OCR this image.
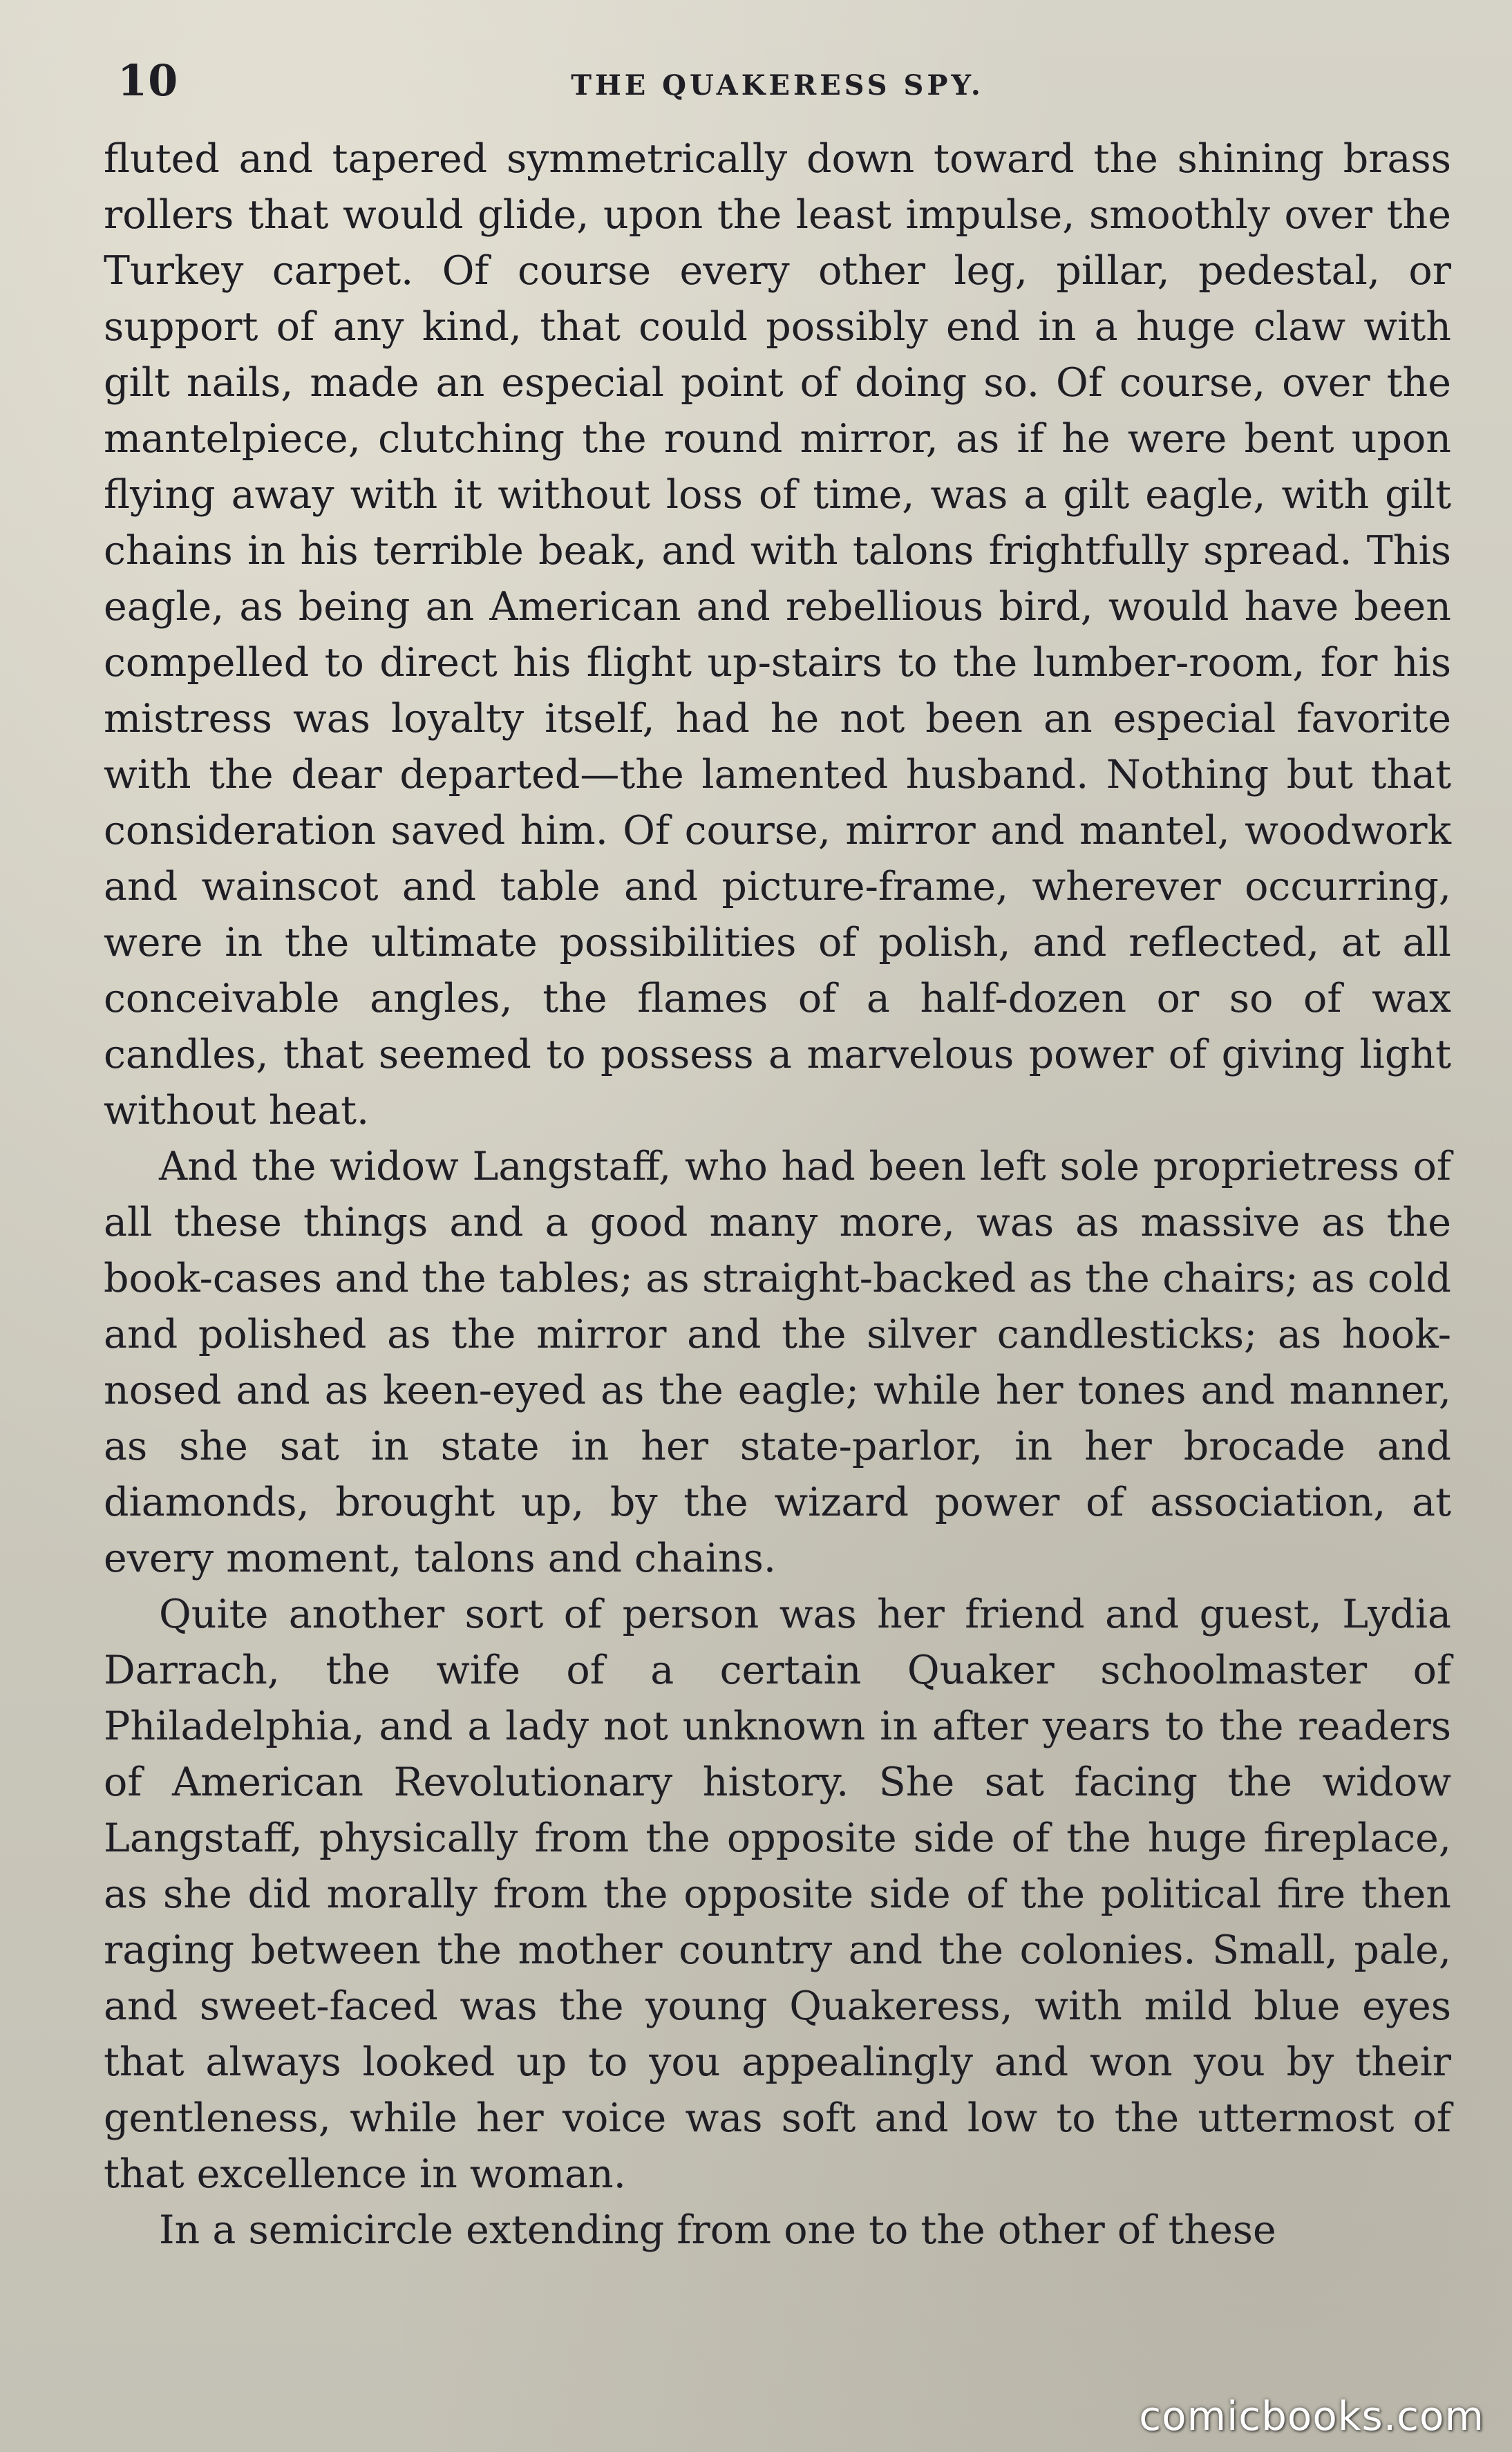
10	THE QUAKERESS SPY.

fluted and tapered symmetrically down toward the shining brass rollers that would glide, upon the least impulse, smoothly over the Turkey carpet. Of course every other leg, pillar, pedestal, or support of any kind, that could possibly end in a huge claw with gilt nails, made an especial point of doing so. Of course, over the mantelpiece, clutching the round mirror, as if he were bent upon flying away with it without loss of time, was a gilt eagle, with gilt chains in his terrible beak, and with talons frightfully spread. This eagle, as being an American and rebellious bird, would have been compelled to direct his flight up-stairs to the lumber-room, for his mistress was loyalty itself, had he not been an especial favorite with the dear departed—the lamented husband. Nothing but that consideration saved him. Of course, mirror and mantel, woodwork and wainscot and table and picture-frame, wherever occurring, were in the ultimate possibilities of polish, and reflected, at all conceivable angles, the flames of a half-dozen or so of wax candles, that seemed to possess a marvelous power of giving light without heat.

And the widow Langstaff, who had been left sole proprietress of all these things and a good many more, was as massive as the book-cases and the tables; as straight-backed as the chairs; as cold and polished as the mirror and the silver candlesticks; as hook-nosed and as keen-eyed as the eagle; while her tones and manner, as she sat in state in her state-parlor, in her brocade and diamonds, brought up, by the wizard power of association, at every moment, talons and chains.

Quite another sort of person was her friend and guest, Lydia Darrach, the wife of a certain Quaker schoolmaster of Philadelphia, and a lady not unknown in after years to the readers of American Revolutionary history. She sat facing the widow Langstaff, physically from the opposite side of the huge fireplace, as she did morally from the opposite side of the political fire then raging between the mother country and the colonies. Small, pale, and sweet-faced was the young Quakeress, with mild blue eyes that always looked up to you appealingly and won you by their gentleness, while her voice was soft and low to the uttermost of that excellence in woman.

In a semicircle extending from one to the other of these

comicbooks.com
